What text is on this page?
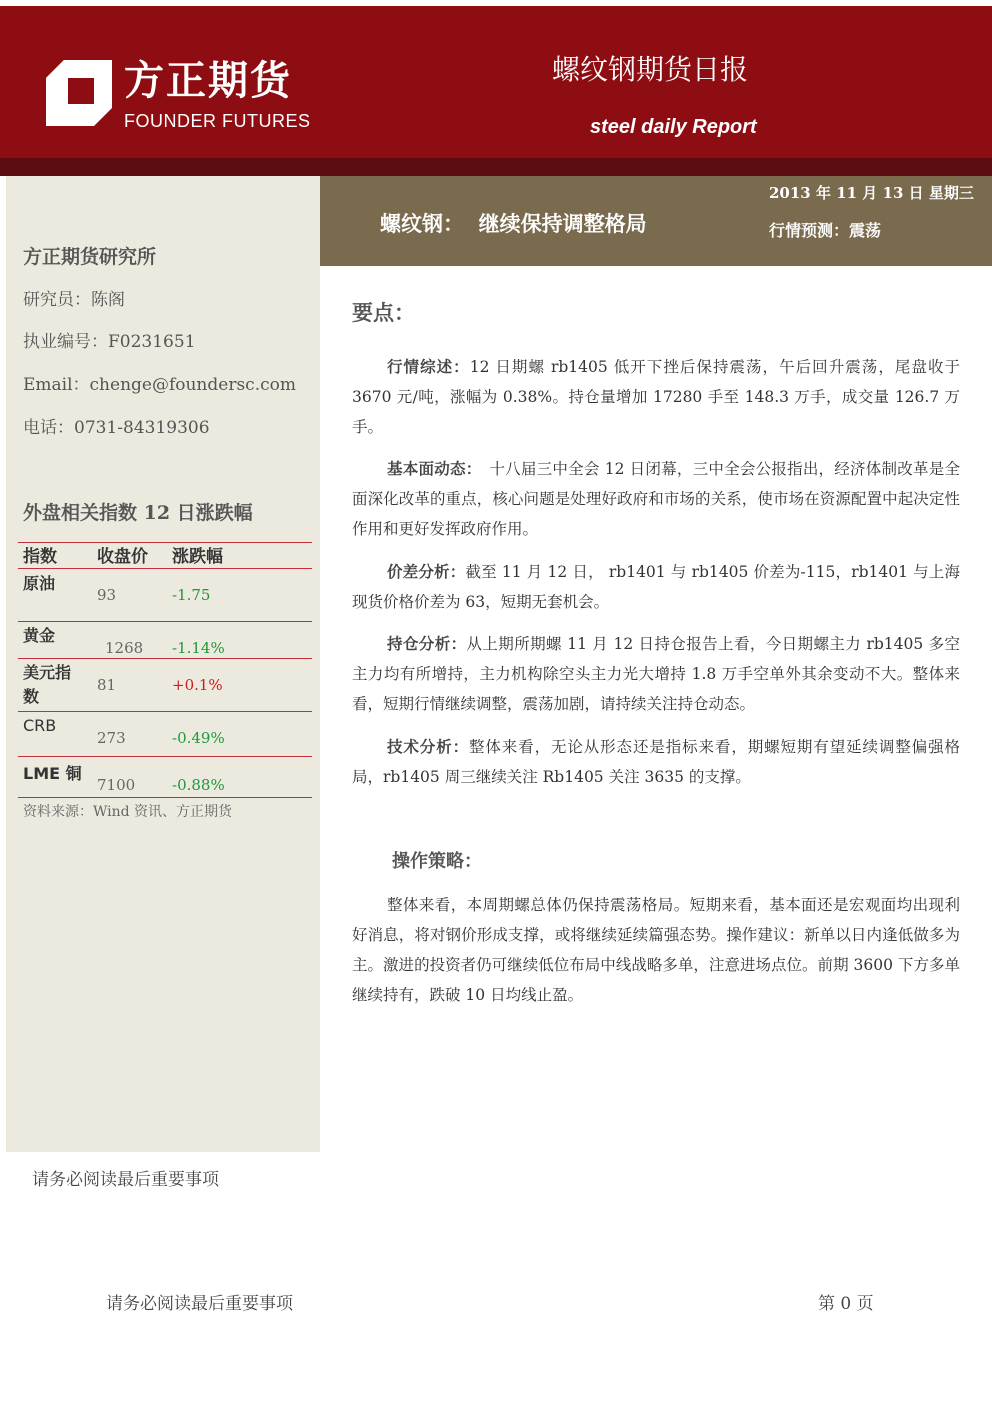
方正期货
FOUNDER FUTURES
螺纹钢期货日报
steel daily Report
方正期货研究所
研究员：陈阁
执业编号：F0231651
Email：chenge@foundersc.com
电话：0731-84319306
外盘相关指数 12 日涨跌幅
指数 收盘价 涨跌幅
原油
93	-1.75
黄金
1268 -1.14%
美元指数
81	+0.1%
CRB
273	-0.49%
LME 铜
7100 -0.88%
资料来源：Wind 资讯、方正期货
请务必阅读最后重要事项
螺纹钢：  继续保持调整格局
2013 年 11 月 13 日 星期三
行情预测：震荡
要点：
行情综述：12 日期螺 rb1405 低开下挫后保持震荡，午后回升震荡，尾盘收于 3670 元/吨，涨幅为 0.38%。持仓量增加 17280 手至 148.3 万手，成交量 126.7 万手。
基本面动态：　十八届三中全会 12 日闭幕，三中全会公报指出，经济体制改革是全面深化改革的重点，核心问题是处理好政府和市场的关系，使市场在资源配置中起决定性作用和更好发挥政府作用。
价差分析：截至 11 月 12 日， rb1401 与 rb1405 价差为-115，rb1401 与上海现货价格价差为 63，短期无套机会。
持仓分析：从上期所期螺 11 月 12 日持仓报告上看，今日期螺主力 rb1405 多空主力均有所增持，主力机构除空头主力光大增持 1.8 万手空单外其余变动不大。整体来看，短期行情继续调整，震荡加剧，请持续关注持仓动态。
技术分析：整体来看，无论从形态还是指标来看，期螺短期有望延续调整偏强格局，rb1405 周三继续关注 Rb1405 关注 3635 的支撑。
操作策略：
整体来看，本周期螺总体仍保持震荡格局。短期来看，基本面还是宏观面均出现利好消息，将对钢价形成支撑，或将继续延续篇强态势。操作建议：新单以日内逢低做多为主。激进的投资者仍可继续低位布局中线战略多单，注意进场点位。前期 3600 下方多单继续持有，跌破 10 日均线止盈。
请务必阅读最后重要事项	第 0 页
